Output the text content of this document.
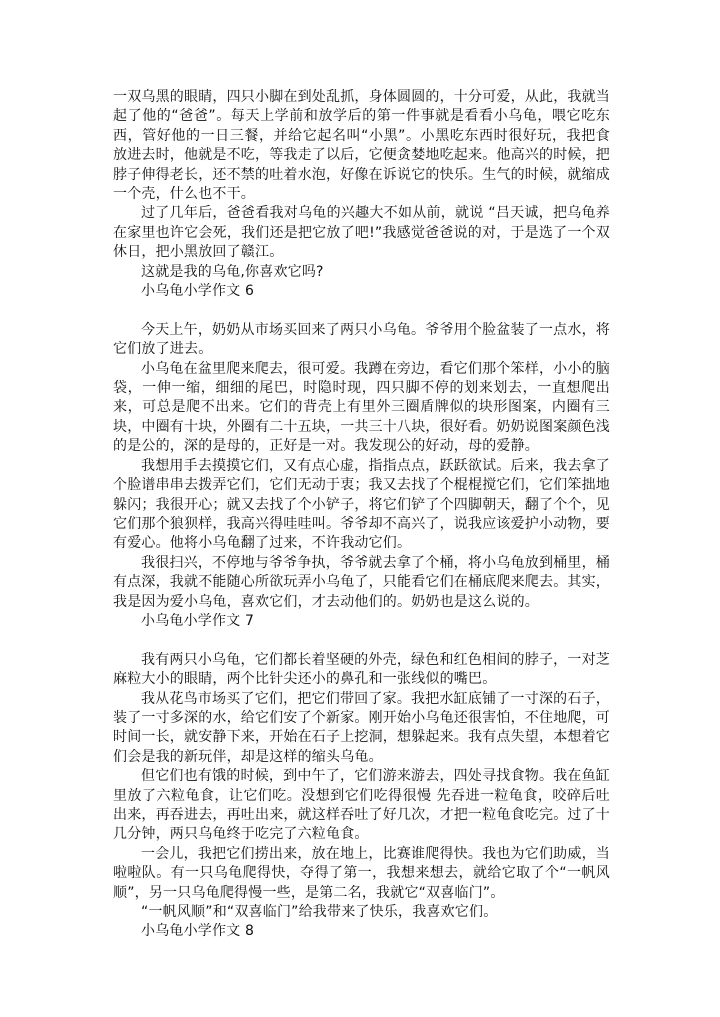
一双乌黑的眼睛，四只小脚在到处乱抓，身体圆圆的，十分可爱，从此，我就当起了他的“爸爸”。每天上学前和放学后的第一件事就是看看小乌龟，喂它吃东西，管好他的一日三餐，并给它起名叫“小黑”。小黑吃东西时很好玩，我把食放进去时，他就是不吃，等我走了以后，它便贪婪地吃起来。他高兴的时候，把脖子伸得老长，还不禁的吐着水泡，好像在诉说它的快乐。生气的时候，就缩成一个壳，什么也不干。

过了几年后，爸爸看我对乌龟的兴趣大不如从前，就说 “吕天诚，把乌龟养在家里也许它会死，我们还是把它放了吧!”我感觉爸爸说的对，于是选了一个双休日，把小黑放回了赣江。

这就是我的乌龟,你喜欢它吗?

小乌龟小学作文 6

今天上午，奶奶从市场买回来了两只小乌龟。爷爷用个脸盆装了一点水，将它们放了进去。

小乌龟在盆里爬来爬去，很可爱。我蹲在旁边，看它们那个笨样，小小的脑袋，一伸一缩，细细的尾巴，时隐时现，四只脚不停的划来划去，一直想爬出来，可总是爬不出来。它们的背壳上有里外三圈盾牌似的块形图案，内圈有三块，中圈有十块，外圈有二十五块，一共三十八块，很好看。奶奶说图案颜色浅的是公的，深的是母的，正好是一对。我发现公的好动，母的爱静。

我想用手去摸摸它们，又有点心虚，指指点点，跃跃欲试。后来，我去拿了个脸谱串串去拨弄它们，它们无动于衷；我又去找了个棍棍搅它们，它们笨拙地躲闪；我很开心；就又去找了个小铲子，将它们铲了个四脚朝天，翻了个个，见它们那个狼狈样，我高兴得哇哇叫。爷爷却不高兴了，说我应该爱护小动物，要有爱心。他将小乌龟翻了过来，不许我动它们。

我很扫兴，不停地与爷爷争执，爷爷就去拿了个桶，将小乌龟放到桶里，桶有点深，我就不能随心所欲玩弄小乌龟了，只能看它们在桶底爬来爬去。其实，我是因为爱小乌龟，喜欢它们，才去动他们的。奶奶也是这么说的。

小乌龟小学作文 7

我有两只小乌龟，它们都长着坚硬的外壳，绿色和红色相间的脖子，一对芝麻粒大小的眼睛，两个比针尖还小的鼻孔和一张线似的嘴巴。

我从花鸟市场买了它们，把它们带回了家。我把水缸底铺了一寸深的石子，装了一寸多深的水，给它们安了个新家。刚开始小乌龟还很害怕，不住地爬，可时间一长，就安静下来，开始在石子上挖洞，想躲起来。我有点失望，本想着它们会是我的新玩伴，却是这样的缩头乌龟。

但它们也有饿的时候，到中午了，它们游来游去，四处寻找食物。我在鱼缸里放了六粒龟食，让它们吃。没想到它们吃得很慢 先吞进一粒龟食，咬碎后吐出来，再吞进去，再吐出来，就这样吞吐了好几次，才把一粒龟食吃完。过了十几分钟，两只乌龟终于吃完了六粒龟食。

一会儿，我把它们捞出来，放在地上，比赛谁爬得快。我也为它们助威，当啦啦队。有一只乌龟爬得快，夺得了第一，我想来想去，就给它取了个“一帆风顺”，另一只乌龟爬得慢一些，是第二名，我就它“双喜临门”。

“一帆风顺”和“双喜临门”给我带来了快乐，我喜欢它们。

小乌龟小学作文 8
